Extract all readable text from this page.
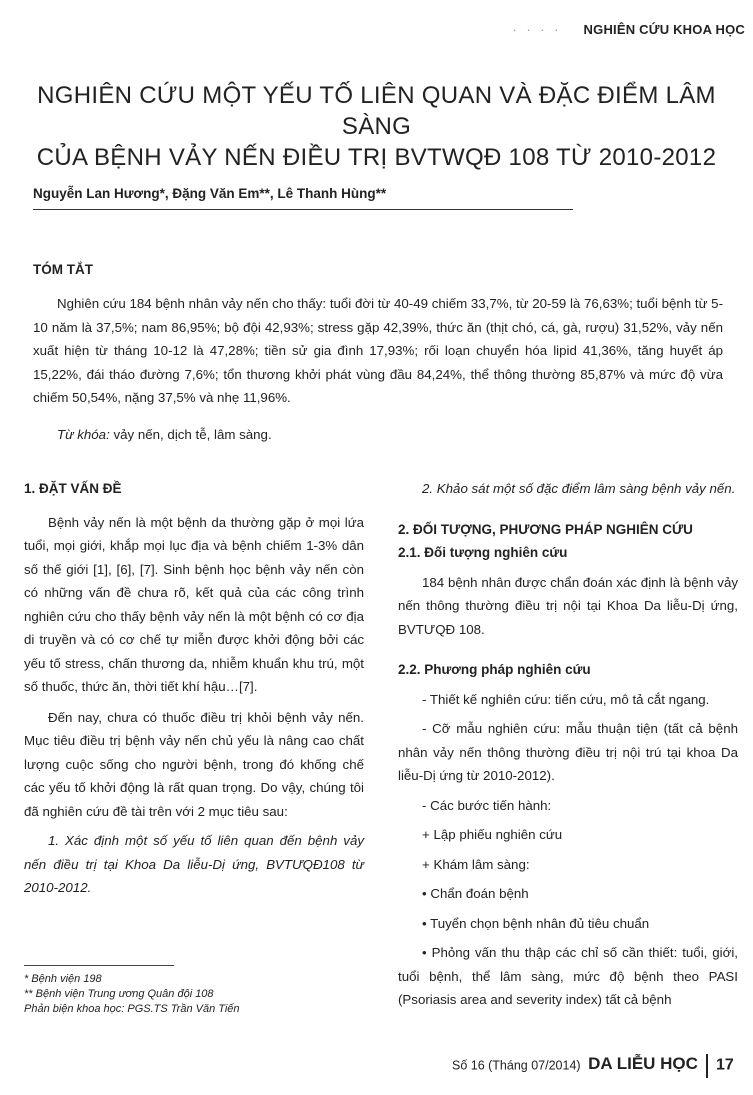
· · · · NGHIÊN CỨU KHOA HỌC
NGHIÊN CỨU MỘT YẾU TỐ LIÊN QUAN VÀ ĐẶC ĐIỂM LÂM SÀNG
CỦA BỆNH VẢY NẾN ĐIỀU TRỊ BVTWQĐ 108 TỪ 2010-2012
Nguyễn Lan Hương*, Đặng Văn Em**, Lê Thanh Hùng**
TÓM TẮT

Nghiên cứu 184 bệnh nhân vảy nến cho thấy: tuổi đời từ 40-49 chiếm 33,7%, từ 20-59 là 76,63%; tuổi bệnh từ 5-10 năm là 37,5%; nam 86,95%; bộ đội 42,93%; stress gặp 42,39%, thức ăn (thịt chó, cá, gà, rượu) 31,52%, vảy nến xuất hiện từ tháng 10-12 là 47,28%; tiền sử gia đình 17,93%; rối loạn chuyển hóa lipid 41,36%, tăng huyết áp 15,22%, đái tháo đường 7,6%; tổn thương khởi phát vùng đầu 84,24%, thể thông thường 85,87% và mức độ vừa chiếm 50,54%, nặng 37,5% và nhẹ 11,96%.

Từ khóa: vảy nến, dịch tễ, lâm sàng.

1. ĐẶT VẤN ĐỀ

Bệnh vảy nến là một bệnh da thường gặp ở mọi lứa tuổi, mọi giới, khắp mọi lục địa và bệnh chiếm 1-3% dân số thế giới [1], [6], [7]. Sinh bệnh học bệnh vảy nến còn có những vấn đề chưa rõ, kết quả của các công trình nghiên cứu cho thấy bệnh vảy nến là một bệnh có cơ địa di truyền và có cơ chế tự miễn được khởi động bởi các yếu tố stress, chấn thương da, nhiễm khuẩn khu trú, một số thuốc, thức ăn, thời tiết khí hậu…[7].

Đến nay, chưa có thuốc điều trị khỏi bệnh vảy nến. Mục tiêu điều trị bệnh vảy nến chủ yếu là nâng cao chất lượng cuộc sống cho người bệnh, trong đó khống chế các yếu tố khởi động là rất quan trọng. Do vậy, chúng tôi đã nghiên cứu đề tài trên với 2 mục tiêu sau:

1. Xác định một số yếu tố liên quan đến bệnh vảy nến điều trị tại Khoa Da liễu-Dị ứng, BVTƯQĐ108 từ 2010-2012.

* Bệnh viện 198
** Bệnh viện Trung ương Quân đội 108
Phản biện khoa học: PGS.TS Trần Văn Tiến

2. Khảo sát một số đặc điểm lâm sàng bệnh vảy nến.

2. ĐỐI TƯỢNG, PHƯƠNG PHÁP NGHIÊN CỨU

2.1. Đối tượng nghiên cứu

184 bệnh nhân được chẩn đoán xác định là bệnh vảy nến thông thường điều trị nội tại Khoa Da liễu-Dị ứng, BVTƯQĐ 108.

2.2. Phương pháp nghiên cứu

- Thiết kế nghiên cứu: tiến cứu, mô tả cắt ngang.

- Cỡ mẫu nghiên cứu: mẫu thuận tiện (tất cả bệnh nhân vảy nến thông thường điều trị nội trú tại khoa Da liễu-Dị ứng từ 2010-2012).

- Các bước tiến hành:

+ Lập phiếu nghiên cứu

+ Khám lâm sàng:

• Chẩn đoán bệnh

• Tuyển chọn bệnh nhân đủ tiêu chuẩn

• Phỏng vấn thu thập các chỉ số cần thiết: tuổi, giới, tuổi bệnh, thể lâm sàng, mức độ bệnh theo PASI (Psoriasis area and severity index) tất cả bệnh

Số 16 (Tháng 07/2014) DA LIỄU HỌC 17
